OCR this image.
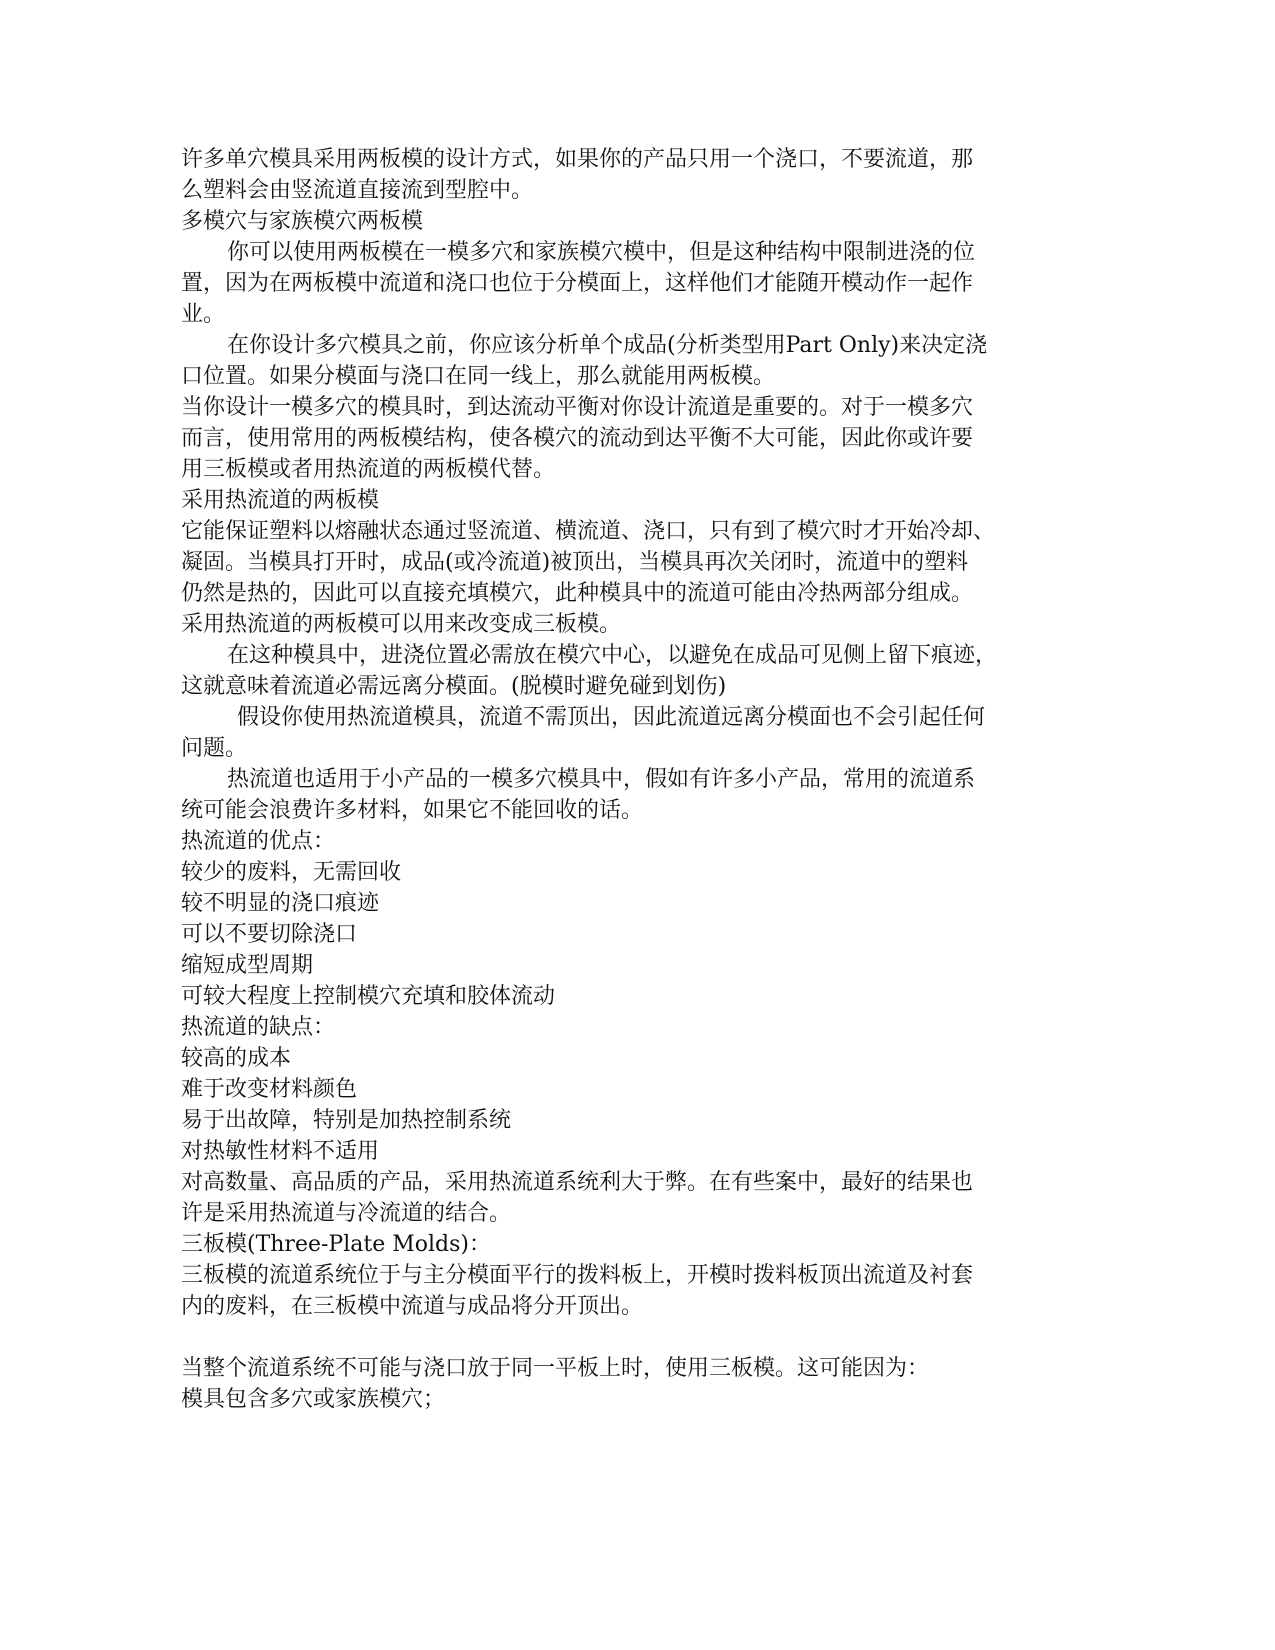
许多单穴模具采用两板模的设计方式，如果你的产品只用一个浇口，不要流道，那
么塑料会由竖流道直接流到型腔中。
多模穴与家族模穴两板模
你可以使用两板模在一模多穴和家族模穴模中，但是这种结构中限制进浇的位
置，因为在两板模中流道和浇口也位于分模面上，这样他们才能随开模动作一起作
业。
在你设计多穴模具之前，你应该分析单个成品(分析类型用Part Only)来决定浇
口位置。如果分模面与浇口在同一线上，那么就能用两板模。
当你设计一模多穴的模具时，到达流动平衡对你设计流道是重要的。对于一模多穴
而言，使用常用的两板模结构，使各模穴的流动到达平衡不大可能，因此你或许要
用三板模或者用热流道的两板模代替。
采用热流道的两板模
它能保证塑料以熔融状态通过竖流道、横流道、浇口，只有到了模穴时才开始冷却、
凝固。当模具打开时，成品(或冷流道)被顶出，当模具再次关闭时，流道中的塑料
仍然是热的，因此可以直接充填模穴，此种模具中的流道可能由冷热两部分组成。
采用热流道的两板模可以用来改变成三板模。
在这种模具中，进浇位置必需放在模穴中心，以避免在成品可见侧上留下痕迹，
这就意味着流道必需远离分模面。(脱模时避免碰到划伤)
假设你使用热流道模具，流道不需顶出，因此流道远离分模面也不会引起任何
问题。
热流道也适用于小产品的一模多穴模具中，假如有许多小产品，常用的流道系
统可能会浪费许多材料，如果它不能回收的话。
热流道的优点：
较少的废料，无需回收
较不明显的浇口痕迹
可以不要切除浇口
缩短成型周期
可较大程度上控制模穴充填和胶体流动
热流道的缺点：
较高的成本
难于改变材料颜色
易于出故障，特别是加热控制系统
对热敏性材料不适用
对高数量、高品质的产品，采用热流道系统利大于弊。在有些案中，最好的结果也
许是采用热流道与冷流道的结合。
三板模(Three-Plate Molds)：
三板模的流道系统位于与主分模面平行的拨料板上，开模时拨料板顶出流道及衬套
内的废料，在三板模中流道与成品将分开顶出。
当整个流道系统不可能与浇口放于同一平板上时，使用三板模。这可能因为：
模具包含多穴或家族模穴；
